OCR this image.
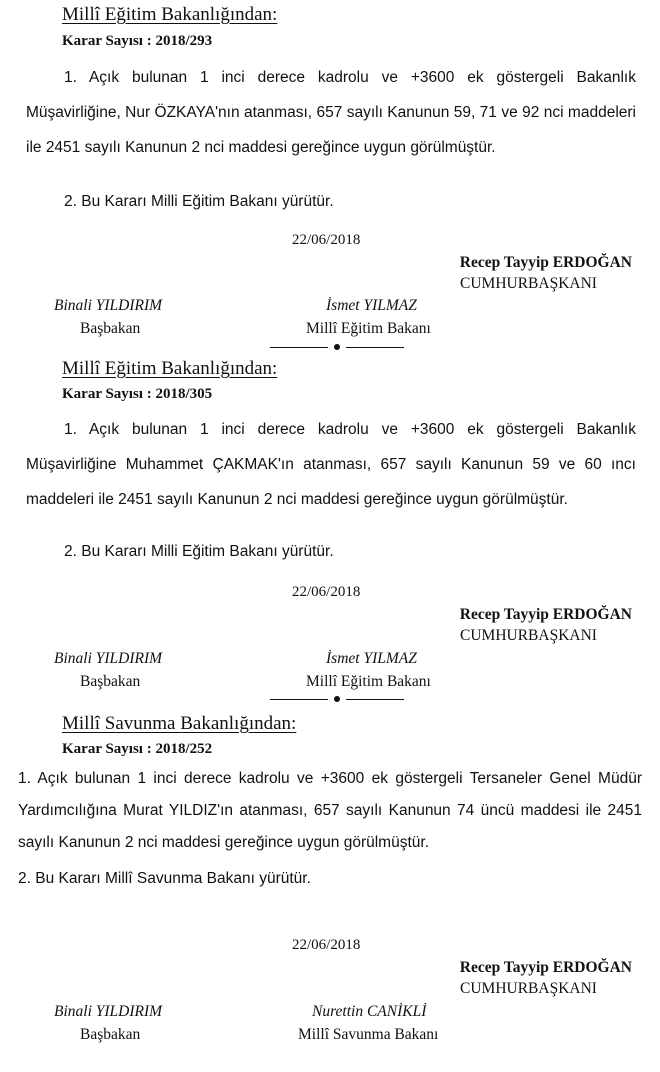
Millî Eğitim Bakanlığından:
Karar Sayısı : 2018/293
1. Açık bulunan 1 inci derece kadrolu ve +3600 ek göstergeli Bakanlık Müşavirliğine, Nur ÖZKAYA'nın atanması, 657 sayılı Kanunun 59, 71 ve 92 nci maddeleri ile 2451 sayılı Kanunun 2 nci maddesi gereğince uygun görülmüştür.
2. Bu Kararı Milli Eğitim Bakanı yürütür.
22/06/2018
Recep Tayyip ERDOĞAN
CUMHURBAŞKANI
Binali YILDIRIM
Başbakan
İsmet YILMAZ
Millî Eğitim Bakanı
Millî Eğitim Bakanlığından:
Karar Sayısı : 2018/305
1. Açık bulunan 1 inci derece kadrolu ve +3600 ek göstergeli Bakanlık Müşavirliğine Muhammet ÇAKMAK'ın atanması, 657 sayılı Kanunun 59 ve 60 ıncı maddeleri ile 2451 sayılı Kanunun 2 nci maddesi gereğince uygun görülmüştür.
2. Bu Kararı Milli Eğitim Bakanı yürütür.
22/06/2018
Recep Tayyip ERDOĞAN
CUMHURBAŞKANI
Binali YILDIRIM
Başbakan
İsmet YILMAZ
Millî Eğitim Bakanı
Millî Savunma Bakanlığından:
Karar Sayısı : 2018/252
1. Açık bulunan 1 inci derece kadrolu ve +3600 ek göstergeli Tersaneler Genel Müdür Yardımcılığına Murat YILDIZ'ın atanması, 657 sayılı Kanunun 74 üncü maddesi ile 2451 sayılı Kanunun 2 nci maddesi gereğince uygun görülmüştür.
2. Bu Kararı Millî Savunma Bakanı yürütür.
22/06/2018
Recep Tayyip ERDOĞAN
CUMHURBAŞKANI
Binali YILDIRIM
Başbakan
Nurettin CANİKLİ
Millî Savunma Bakanı
